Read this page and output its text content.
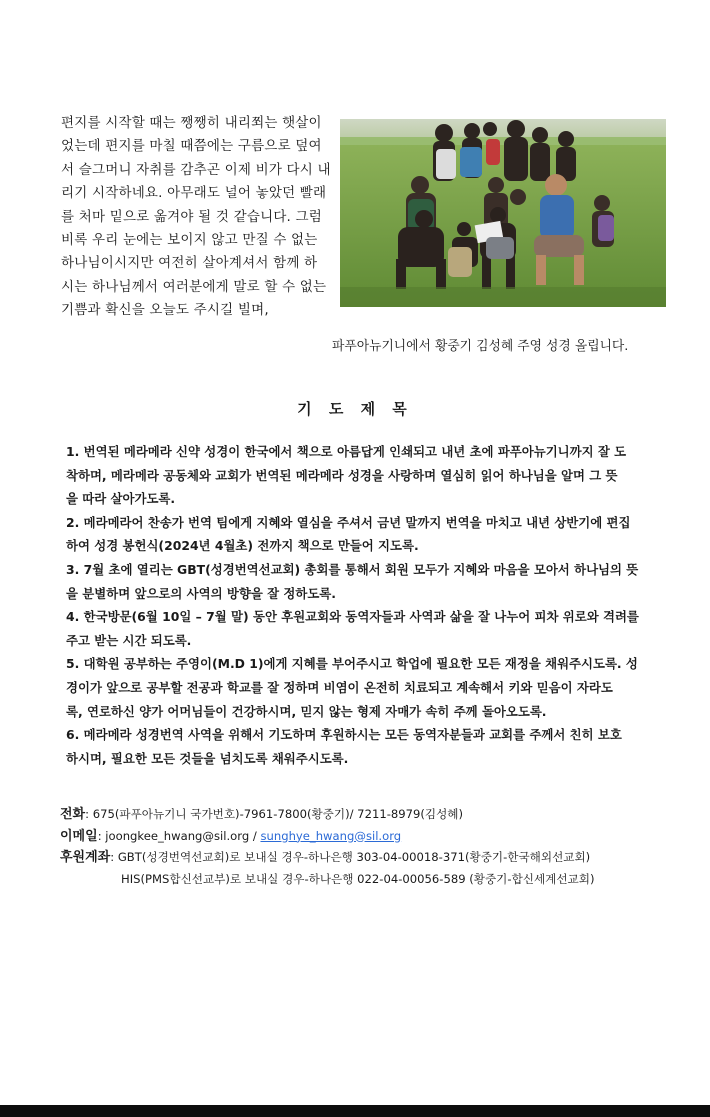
편지를 시작할 때는 쨍쨍히 내리쬐는 햇살이
었는데 편지를 마칠 때쯤에는 구름으로 덮여
서 슬그머니 자취를 감추곤 이제 비가 다시 내
리기 시작하네요. 아무래도 널어 놓았던 빨래
를 처마 밑으로 옮겨야 될 것 같습니다. 그럼
비록 우리 눈에는 보이지 않고 만질 수 없는
하나님이시지만 여전히 살아계셔서 함께 하
시는 하나님께서 여러분에게 말로 할 수 없는
기쁨과 확신을 오늘도 주시길 빌며,
파푸아뉴기니에서 황중기 김성혜 주영 성경 올립니다.
기 도 제 목

1. 번역된 메라메라 신약 성경이 한국에서 책으로 아름답게 인쇄되고 내년 초에 파푸아뉴기니까지 잘 도
착하며, 메라메라 공동체와 교회가 번역된 메라메라 성경을 사랑하며 열심히 읽어 하나님을 알며 그 뜻
을 따라 살아가도록.

2. 메라메라어 찬송가 번역 팀에게 지혜와 열심을 주셔서 금년 말까지 번역을 마치고 내년 상반기에 편집
하여 성경 봉헌식(2024년 4월초) 전까지 책으로 만들어 지도록.

3. 7월 초에 열리는 GBT(성경번역선교회) 총회를 통해서 회원 모두가 지혜와 마음을 모아서 하나님의 뜻
을 분별하며 앞으로의 사역의 방향을 잘 정하도록.

4. 한국방문(6월 10일 – 7월 말) 동안 후원교회와 동역자들과 사역과 삶을 잘 나누어 피차 위로와 격려를
주고 받는 시간 되도록.

5. 대학원 공부하는 주영이(M.D 1)에게 지혜를 부어주시고 학업에 필요한 모든 재정을 채워주시도록. 성
경이가 앞으로 공부할 전공과 학교를 잘 정하며 비염이 온전히 치료되고 계속해서 키와 믿음이 자라도
록, 연로하신 양가 어머님들이 건강하시며, 믿지 않는 형제 자매가 속히 주께 돌아오도록.

6. 메라메라 성경번역 사역을 위해서 기도하며 후원하시는 모든 동역자분들과 교회를 주께서 친히 보호
하시며, 필요한 모든 것들을 넘치도록 채워주시도록.

전화: 675(파푸아뉴기니 국가번호)-7961-7800(황중기)/ 7211-8979(김성혜)
이메일: joongkee_hwang@sil.org / sunghye_hwang@sil.org
후원계좌: GBT(성경번역선교회)로 보내실 경우-하나은행 303-04-00018-371(황중기-한국해외선교회)
HIS(PMS합신선교부)로 보내실 경우-하나은행 022-04-00056-589 (황중기-합신세계선교회)
